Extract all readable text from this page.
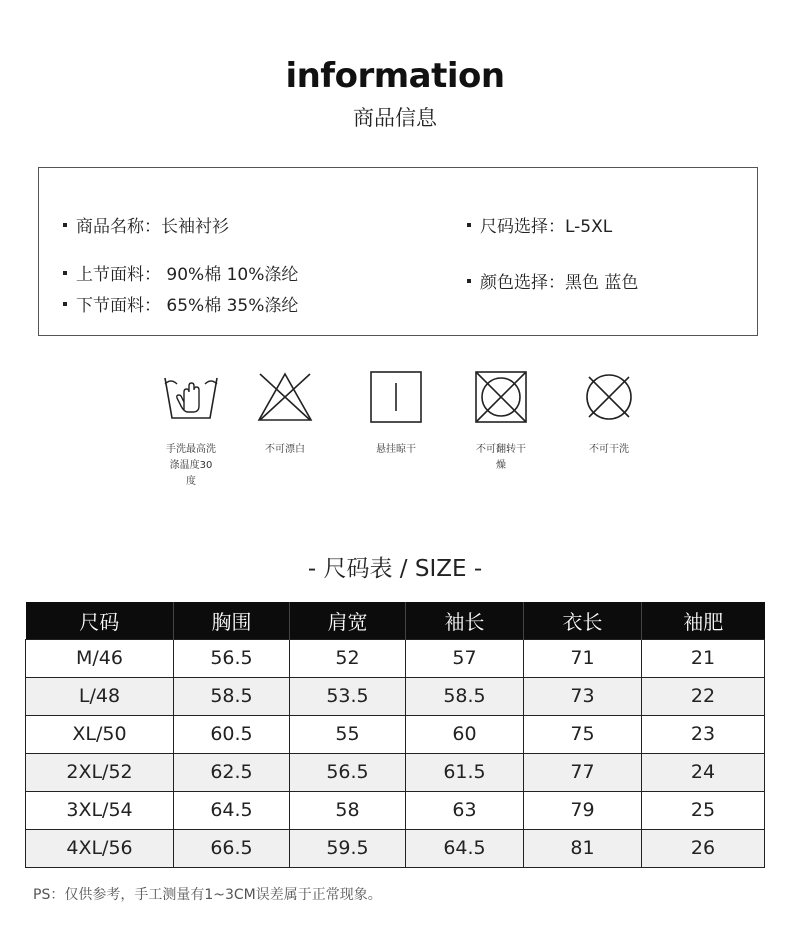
information
商品信息
商品名称：长袖衬衫
上节面料： 90%棉 10%涤纶
下节面料： 65%棉 35%涤纶
尺码选择：L-5XL
颜色选择：黑色 蓝色
手洗最高洗
涤温度30
度
不可漂白	悬挂晾干	不可翻转干
燥
不可干洗
- 尺码表 / SIZE -
尺码	胸围	肩宽	袖长	衣长	袖肥
M/46	56.5	52	57	71	21
L/48	58.5	53.5	58.5	73	22
XL/50	60.5	55	60	75	23
2XL/52	62.5	56.5	61.5	77	24
3XL/54	64.5	58	63	79	25
4XL/56	66.5	59.5	64.5	81	26
PS：仅供参考，手工测量有1~3CM误差属于正常现象。
